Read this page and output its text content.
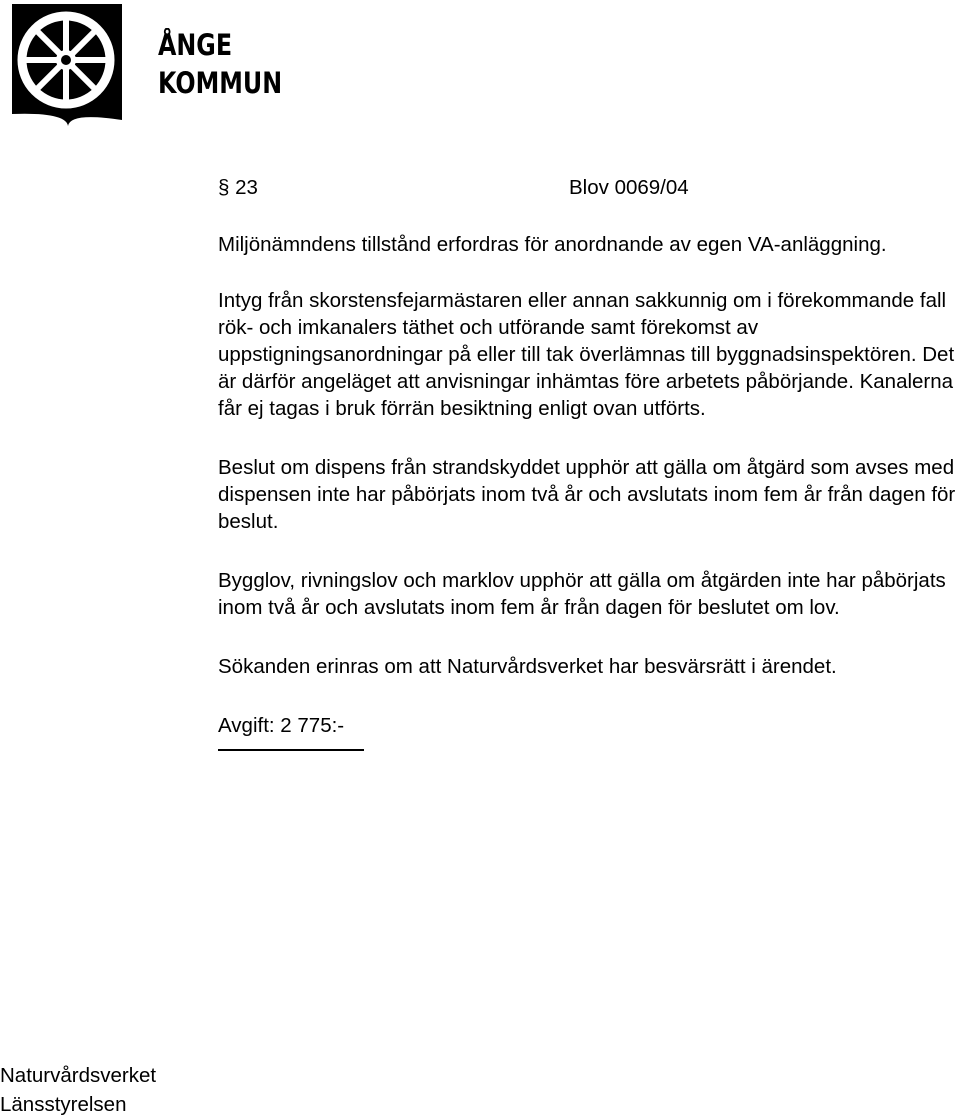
ÅNGE
KOMMUN
§ 23	Blov 0069/04

Miljönämndens tillstånd erfordras för anordnande av egen VA-anläggning.

Intyg från skorstensfejarmästaren eller annan sakkunnig om i förekommande fall rök- och imkanalers täthet och utförande samt förekomst av uppstigningsanordningar på eller till tak överlämnas till byggnadsinspektören. Det är därför angeläget att anvisningar inhämtas före arbetets påbörjande. Kanalerna får ej tagas i bruk förrän besiktning enligt ovan utförts.

Beslut om dispens från strandskyddet upphör att gälla om åtgärd som avses med dispensen inte har påbörjats inom två år och avslutats inom fem år från dagen för beslut.

Bygglov, rivningslov och marklov upphör att gälla om åtgärden inte har påbörjats inom två år och avslutats inom fem år från dagen för beslutet om lov.

Sökanden erinras om att Naturvårdsverket har besvärsrätt i ärendet.

Avgift: 2 775:-
Naturvårdsverket
Länsstyrelsen
